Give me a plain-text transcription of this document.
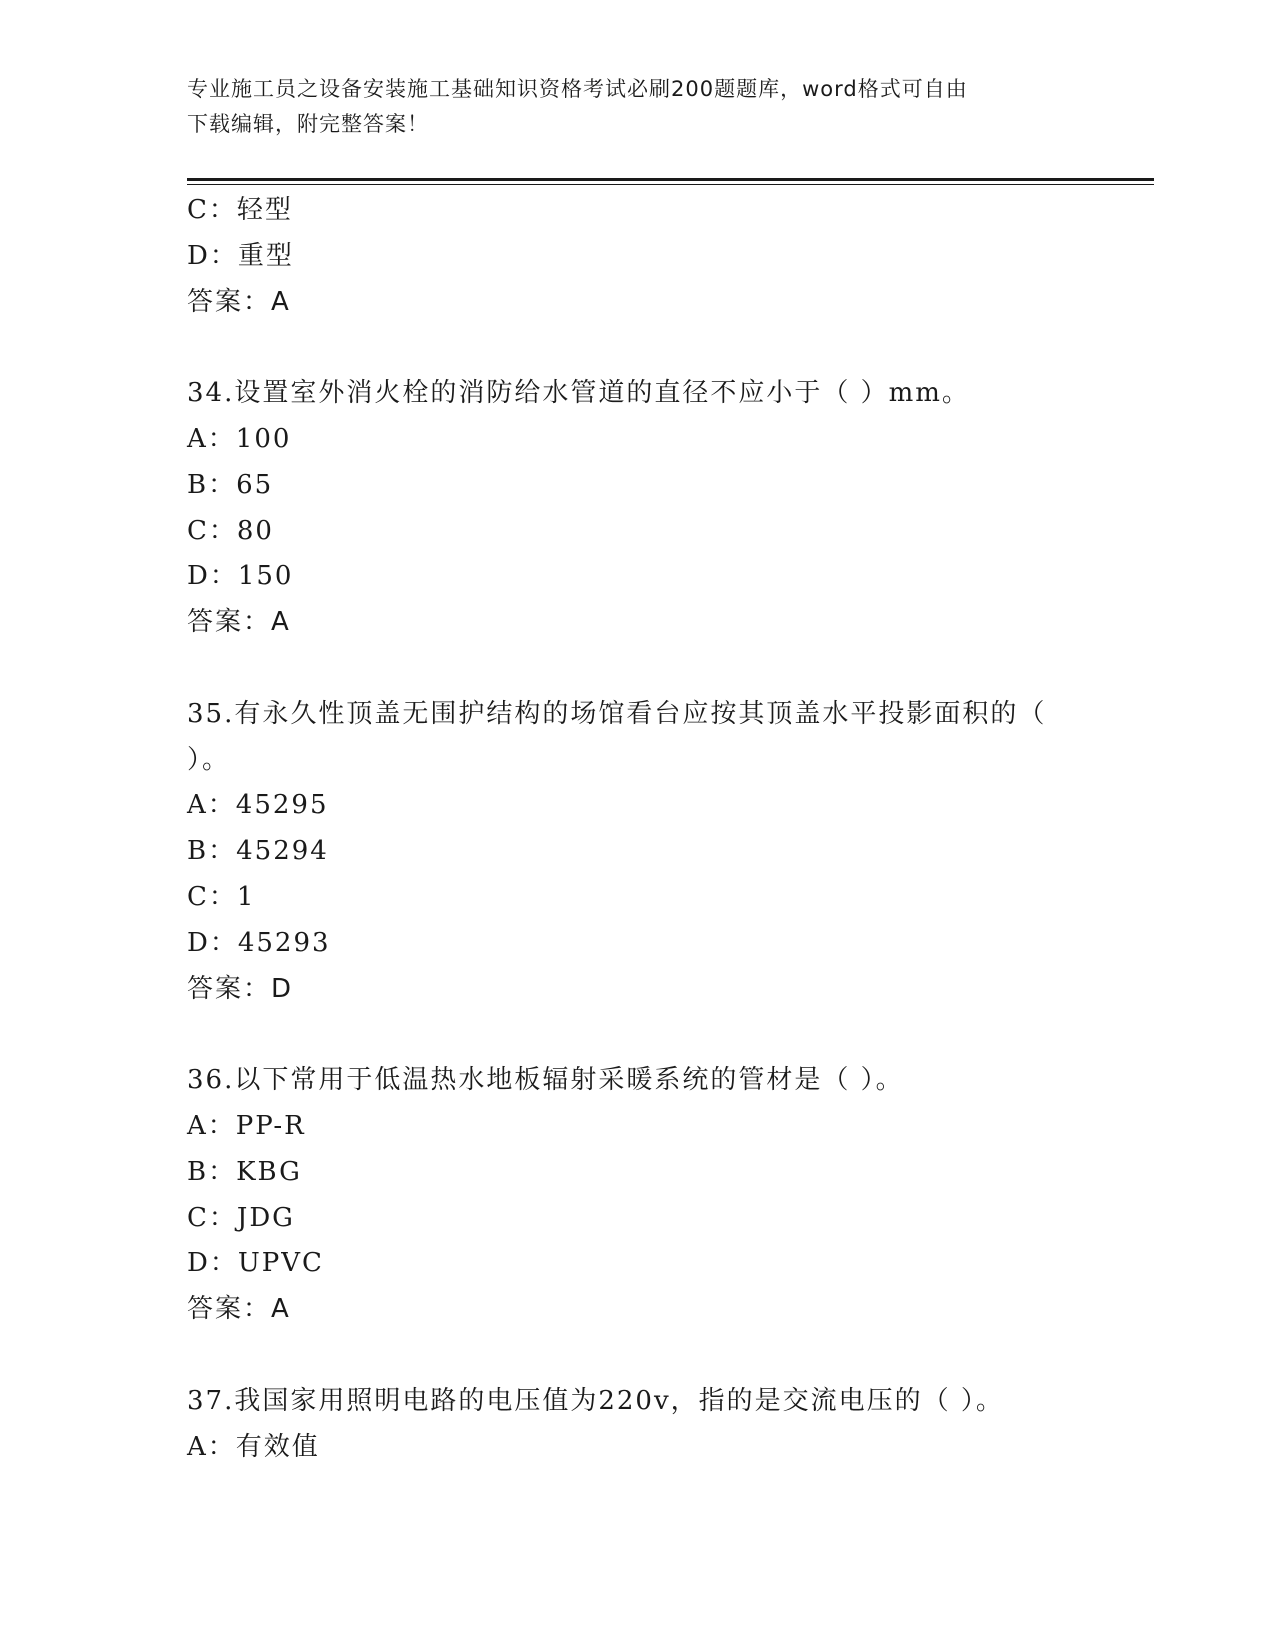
专业施工员之设备安装施工基础知识资格考试必刷200题题库，word格式可自由
下载编辑，附完整答案！
C：轻型
D：重型
答案：A
34.设置室外消火栓的消防给水管道的直径不应小于（ ）mm。
A：100
B：65
C：80
D：150
答案：A
35.有永久性顶盖无围护结构的场馆看台应按其顶盖水平投影面积的（
）。
A：45295
B：45294
C：1
D：45293
答案：D
36.以下常用于低温热水地板辐射采暖系统的管材是（ ）。
A：PP-R
B：KBG
C：JDG
D：UPVC
答案：A
37.我国家用照明电路的电压值为220v，指的是交流电压的（ ）。
A：有效值
